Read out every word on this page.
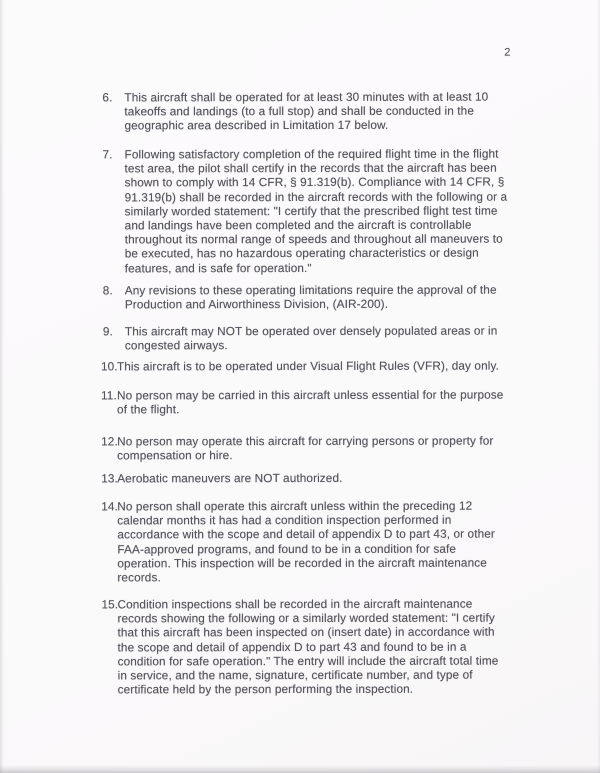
2
6. This aircraft shall be operated for at least 30 minutes with at least 10
takeoffs and landings (to a full stop) and shall be conducted in the
geographic area described in Limitation 17 below.
7. Following satisfactory completion of the required flight time in the flight
test area, the pilot shall certify in the records that the aircraft has been
shown to comply with 14 CFR, § 91.319(b). Compliance with 14 CFR, §
91.319(b) shall be recorded in the aircraft records with the following or a
similarly worded statement: "I certify that the prescribed flight test time
and landings have been completed and the aircraft is controllable
throughout its normal range of speeds and throughout all maneuvers to
be executed, has no hazardous operating characteristics or design
features, and is safe for operation."
8. Any revisions to these operating limitations require the approval of the
Production and Airworthiness Division, (AIR-200).
9. This aircraft may NOT be operated over densely populated areas or in
congested airways.
10. This aircraft is to be operated under Visual Flight Rules (VFR), day only.
11. No person may be carried in this aircraft unless essential for the purpose
of the flight.
12. No person may operate this aircraft for carrying persons or property for
compensation or hire.
13. Aerobatic maneuvers are NOT authorized.
14. No person shall operate this aircraft unless within the preceding 12
calendar months it has had a condition inspection performed in
accordance with the scope and detail of appendix D to part 43, or other
FAA-approved programs, and found to be in a condition for safe
operation. This inspection will be recorded in the aircraft maintenance
records.
15. Condition inspections shall be recorded in the aircraft maintenance
records showing the following or a similarly worded statement: "I certify
that this aircraft has been inspected on (insert date) in accordance with
the scope and detail of appendix D to part 43 and found to be in a
condition for safe operation." The entry will include the aircraft total time
in service, and the name, signature, certificate number, and type of
certificate held by the person performing the inspection.
